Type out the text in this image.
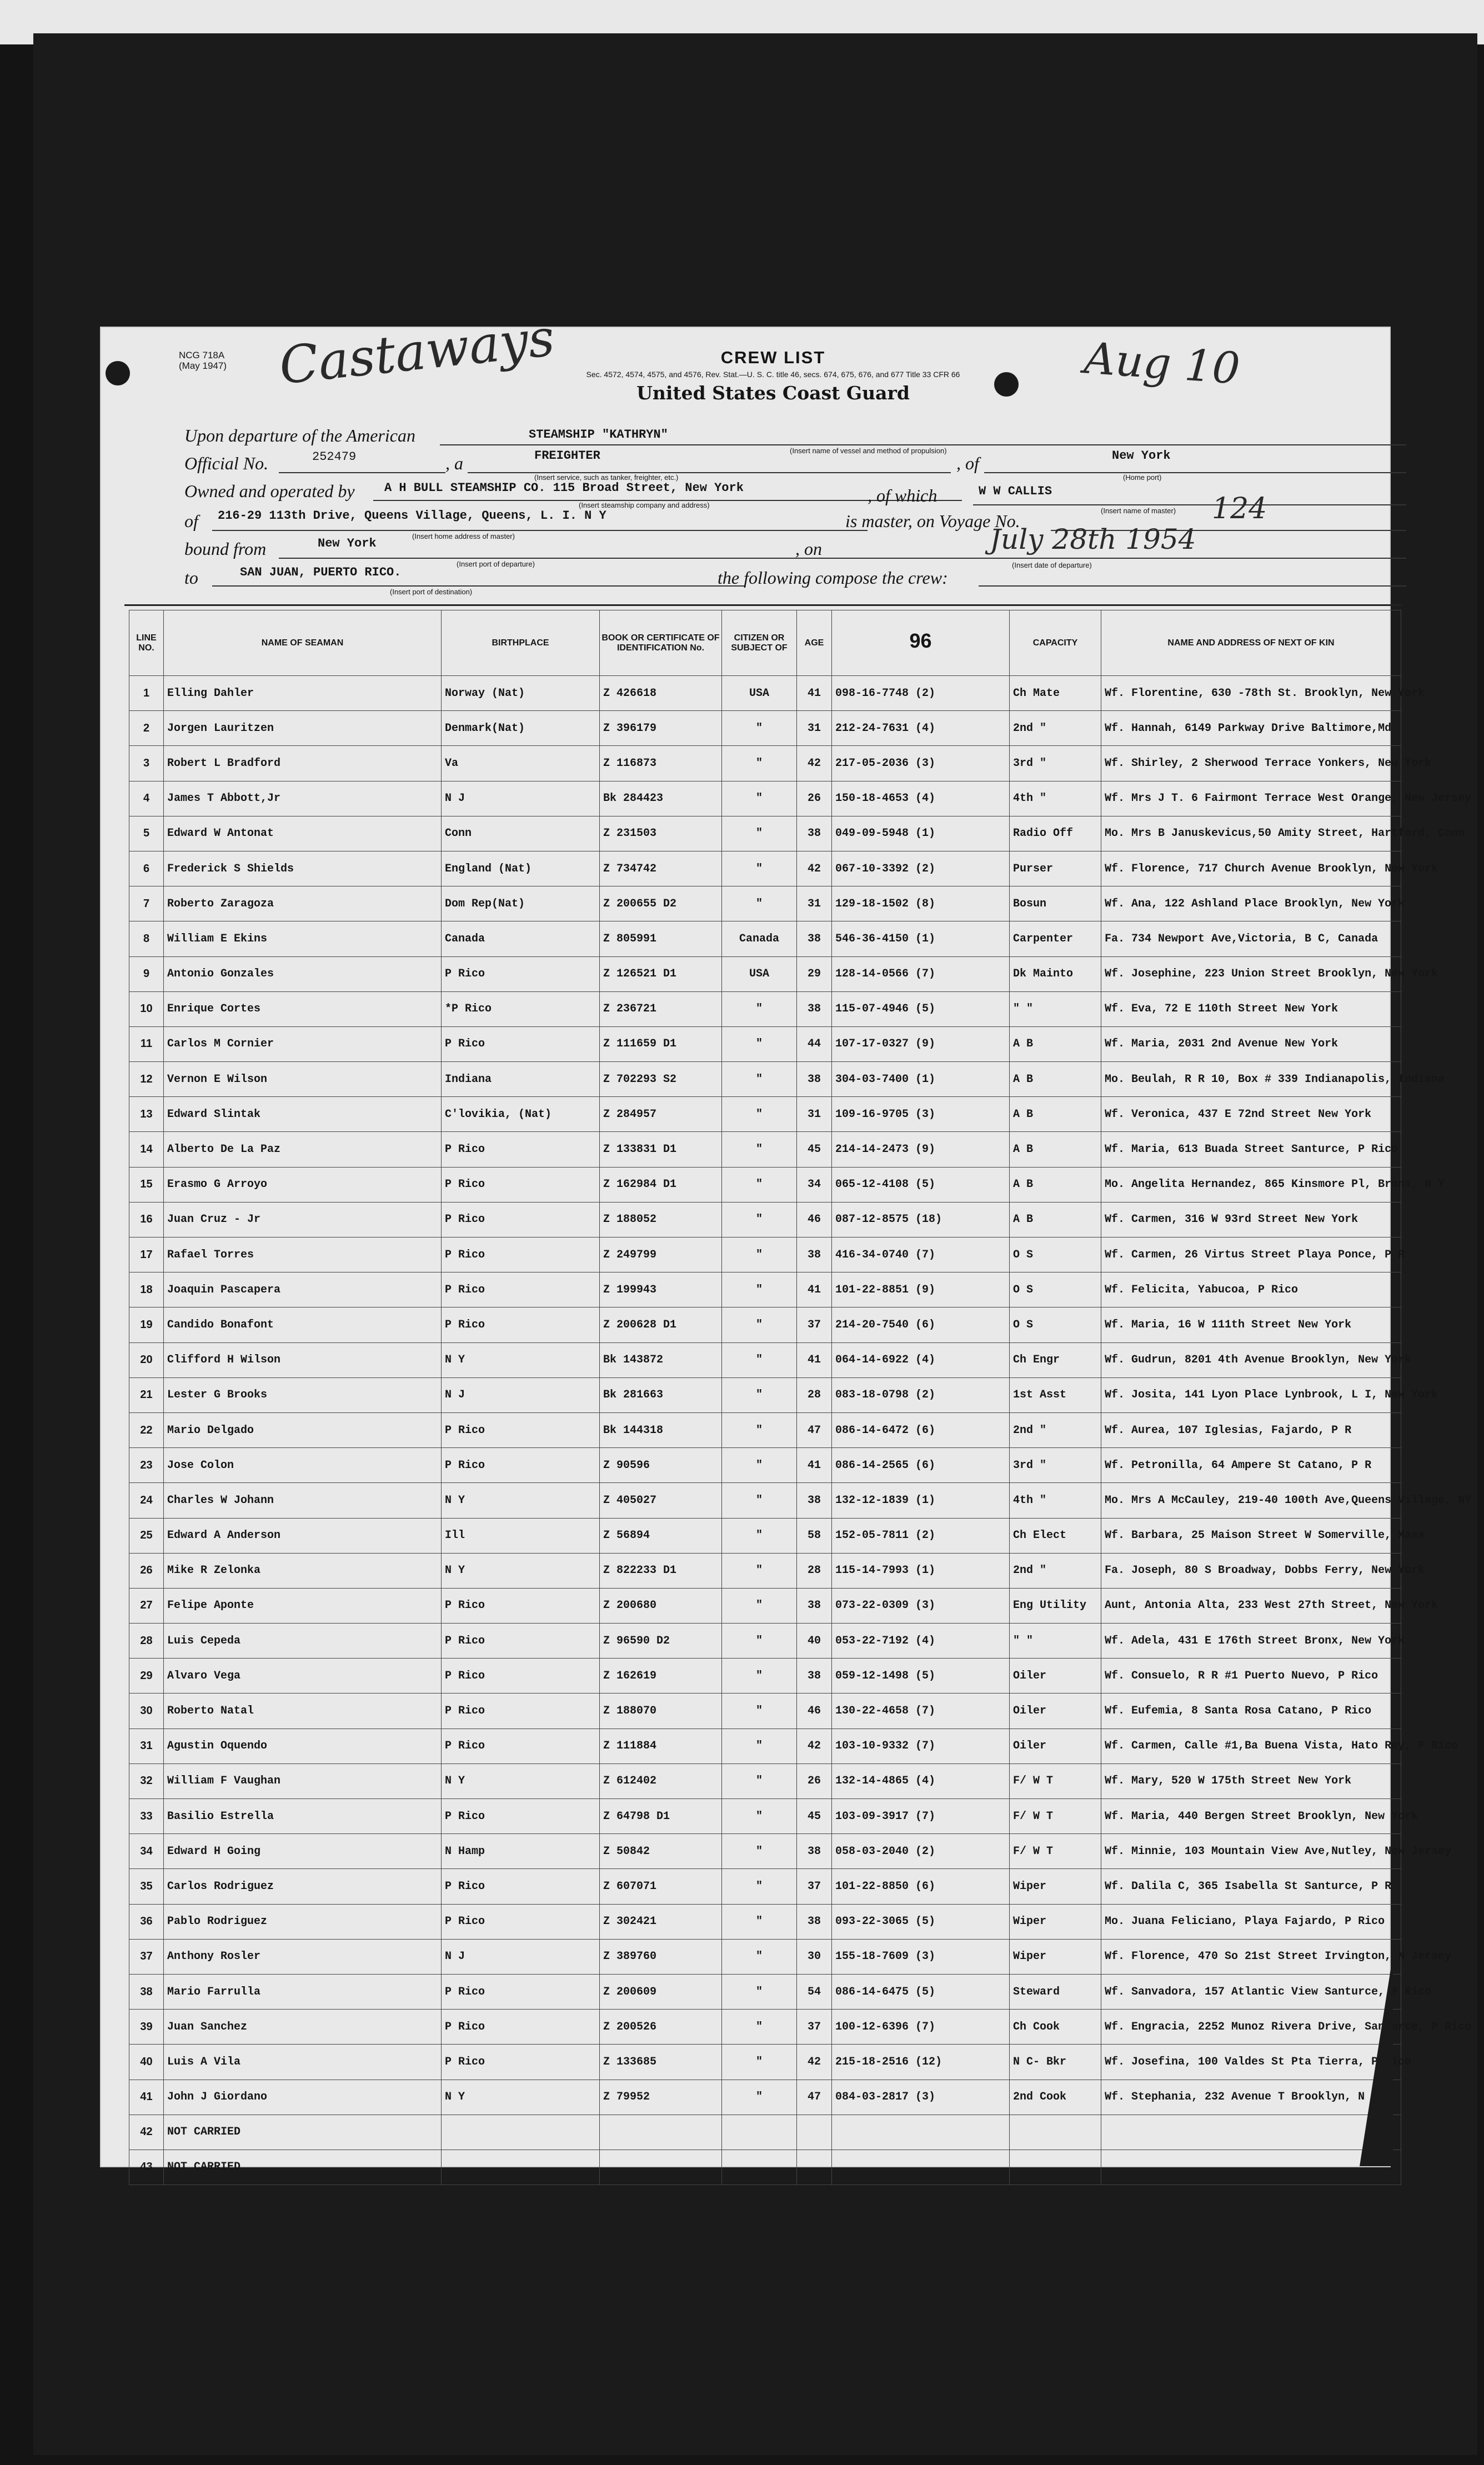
NCG 718A
(May 1947) Castaways	Aug 10
CREW LIST
Sec. 4572, 4574, 4575, and 4576, Rev. Stat.—U. S. C. title 46, secs. 674, 675, 676, and 677 Title 33 CFR 66
United States Coast Guard
Upon departure of the American	STEAMSHIP "KATHRYN"
(Insert name of vessel and method of propulsion)
Official No.	252479	, a	FREIGHTER
(Insert service, such as tanker, freighter, etc.)
, of	New York
(Home port)
Owned and operated by A H BULL STEAMSHIP CO. 115 Broad Street, New York
(Insert steamship company and address)	, of which	W W CALLIS
(Insert name of master)
of 216-29 113th Drive, Queens Village, Queens, L. I. N Y
(Insert home address of master)
is master, on Voyage No.	124
bound from	New York
(Insert port of departure)
, on	July 28th 1954
(Insert date of departure)
to	SAN JUAN, PUERTO RICO.
(Insert port of destination)
the following compose the crew:
LINE NO.	NAME OF SEAMAN	BIRTHPLACE	BOOK OR CERTIFICATE OF IDENTIFICATION No.	CITIZEN OR SUBJECT OF	AGE	96	CAPACITY	NAME AND ADDRESS OF NEXT OF KIN
1	Elling Dahler	Norway (Nat)	Z 426618	USA	41	098-16-7748 (2)	Ch Mate	Wf. Florentine, 630 -78th St. Brooklyn, New York
2	Jorgen Lauritzen	Denmark(Nat)	Z 396179	"	31	212-24-7631 (4)	2nd "	Wf. Hannah, 6149 Parkway Drive Baltimore,Md
3	Robert L Bradford	Va	Z 116873	"	42	217-05-2036 (3)	3rd "	Wf. Shirley, 2 Sherwood Terrace Yonkers, New York
4	James T Abbott,Jr	N J	Bk 284423	"	26	150-18-4653 (4)	4th "	Wf. Mrs J T. 6 Fairmont Terrace West Orange, New Jersey
5	Edward W Antonat	Conn	Z 231503	"	38	049-09-5948 (1)	Radio Off	Mo. Mrs B Januskevicus,50 Amity Street, Hartford, Conn
6	Frederick S Shields	England (Nat)	Z 734742	"	42	067-10-3392 (2)	Purser	Wf. Florence, 717 Church Avenue Brooklyn, New York
7	Roberto Zaragoza	Dom Rep(Nat)	Z 200655 D2	"	31	129-18-1502 (8)	Bosun	Wf. Ana, 122 Ashland Place Brooklyn, New York
8	William E Ekins	Canada	Z 805991	Canada	38	546-36-4150 (1)	Carpenter	Fa. 734 Newport Ave,Victoria, B C, Canada
9	Antonio Gonzales	P Rico	Z 126521 D1	USA	29	128-14-0566 (7)	Dk Mainto	Wf. Josephine, 223 Union Street Brooklyn, New York
10	Enrique Cortes	*P Rico	Z 236721	"	38	115-07-4946 (5)	" "	Wf. Eva, 72 E 110th Street New York
11	Carlos M Cornier	P Rico	Z 111659 D1	"	44	107-17-0327 (9)	A B	Wf. Maria, 2031 2nd Avenue New York
12	Vernon E Wilson	Indiana	Z 702293 S2	"	38	304-03-7400 (1)	A B	Mo. Beulah, R R 10, Box # 339 Indianapolis, Indiana
13	Edward Slintak	C'lovikia, (Nat)	Z 284957	"	31	109-16-9705 (3)	A B	Wf. Veronica, 437 E 72nd Street New York
14	Alberto De La Paz	P Rico	Z 133831 D1	"	45	214-14-2473 (9)	A B	Wf. Maria, 613 Buada Street Santurce, P Rico
15	Erasmo G Arroyo	P Rico	Z 162984 D1	"	34	065-12-4108 (5)	A B	Mo. Angelita Hernandez, 865 Kinsmore Pl, Bronx, N Y
16	Juan Cruz - Jr	P Rico	Z 188052	"	46	087-12-8575 (18)	A B	Wf. Carmen, 316 W 93rd Street New York
17	Rafael Torres	P Rico	Z 249799	"	38	416-34-0740 (7)	O S	Wf. Carmen, 26 Virtus Street Playa Ponce, P R
18	Joaquin Pascapera	P Rico	Z 199943	"	41	101-22-8851 (9)	O S	Wf. Felicita, Yabucoa, P Rico
19	Candido Bonafont	P Rico	Z 200628 D1	"	37	214-20-7540 (6)	O S	Wf. Maria, 16 W 111th Street New York
20	Clifford H Wilson	N Y	Bk 143872	"	41	064-14-6922 (4)	Ch Engr	Wf. Gudrun, 8201 4th Avenue Brooklyn, New York
21	Lester G Brooks	N J	Bk 281663	"	28	083-18-0798 (2)	1st Asst	Wf. Josita, 141 Lyon Place Lynbrook, L I, New York
22	Mario Delgado	P Rico	Bk 144318	"	47	086-14-6472 (6)	2nd "	Wf. Aurea, 107 Iglesias, Fajardo, P R
23	Jose Colon	P Rico	Z 90596	"	41	086-14-2565 (6)	3rd "	Wf. Petronilla, 64 Ampere St Catano, P R
24	Charles W Johann	N Y	Z 405027	"	38	132-12-1839 (1)	4th "	Mo. Mrs A McCauley, 219-40 100th Ave,Queens Village, NY
25	Edward A Anderson	Ill	Z 56894	"	58	152-05-7811 (2)	Ch Elect	Wf. Barbara, 25 Maison Street W Somerville, Mass
26	Mike R Zelonka	N Y	Z 822233 D1	"	28	115-14-7993 (1)	2nd "	Fa. Joseph, 80 S Broadway, Dobbs Ferry, New York
27	Felipe Aponte	P Rico	Z 200680	"	38	073-22-0309 (3)	Eng Utility	Aunt, Antonia Alta, 233 West 27th Street, New York
28	Luis Cepeda	P Rico	Z 96590 D2	"	40	053-22-7192 (4)	" "	Wf. Adela, 431 E 176th Street Bronx, New York
29	Alvaro Vega	P Rico	Z 162619	"	38	059-12-1498 (5)	Oiler	Wf. Consuelo, R R #1 Puerto Nuevo, P Rico
30	Roberto Natal	P Rico	Z 188070	"	46	130-22-4658 (7)	Oiler	Wf. Eufemia, 8 Santa Rosa Catano, P Rico
31	Agustin Oquendo	P Rico	Z 111884	"	42	103-10-9332 (7)	Oiler	Wf. Carmen, Calle #1,Ba Buena Vista, Hato Rey, P Rico
32	William F Vaughan	N Y	Z 612402	"	26	132-14-4865 (4)	F/ W T	Wf. Mary, 520 W 175th Street New York
33	Basilio Estrella	P Rico	Z 64798 D1	"	45	103-09-3917 (7)	F/ W T	Wf. Maria, 440 Bergen Street Brooklyn, New York
34	Edward H Going	N Hamp	Z 50842	"	38	058-03-2040 (2)	F/ W T	Wf. Minnie, 103 Mountain View Ave,Nutley, New Jersey
35	Carlos Rodriguez	P Rico	Z 607071	"	37	101-22-8850 (6)	Wiper	Wf. Dalila C, 365 Isabella St Santurce, P R
36	Pablo Rodriguez	P Rico	Z 302421	"	38	093-22-3065 (5)	Wiper	Mo. Juana Feliciano, Playa Fajardo, P Rico
37	Anthony Rosler	N J	Z 389760	"	30	155-18-7609 (3)	Wiper	Wf. Florence, 470 So 21st Street Irvington, N Jersey
38	Mario Farrulla	P Rico	Z 200609	"	54	086-14-6475 (5)	Steward	Wf. Sanvadora, 157 Atlantic View Santurce, P Rico
39	Juan Sanchez	P Rico	Z 200526	"	37	100-12-6396 (7)	Ch Cook	Wf. Engracia, 2252 Munoz Rivera Drive, Santurce, P Rico
40	Luis A Vila	P Rico	Z 133685	"	42	215-18-2516 (12)	N C- Bkr	Wf. Josefina, 100 Valdes St Pta Tierra, P Rico
41	John J Giordano	N Y	Z 79952	"	47	084-03-2817 (3)	2nd Cook	Wf. Stephania, 232 Avenue T Brooklyn, N Y
42	NOT CARRIED							
43	NOT CARRIED							
